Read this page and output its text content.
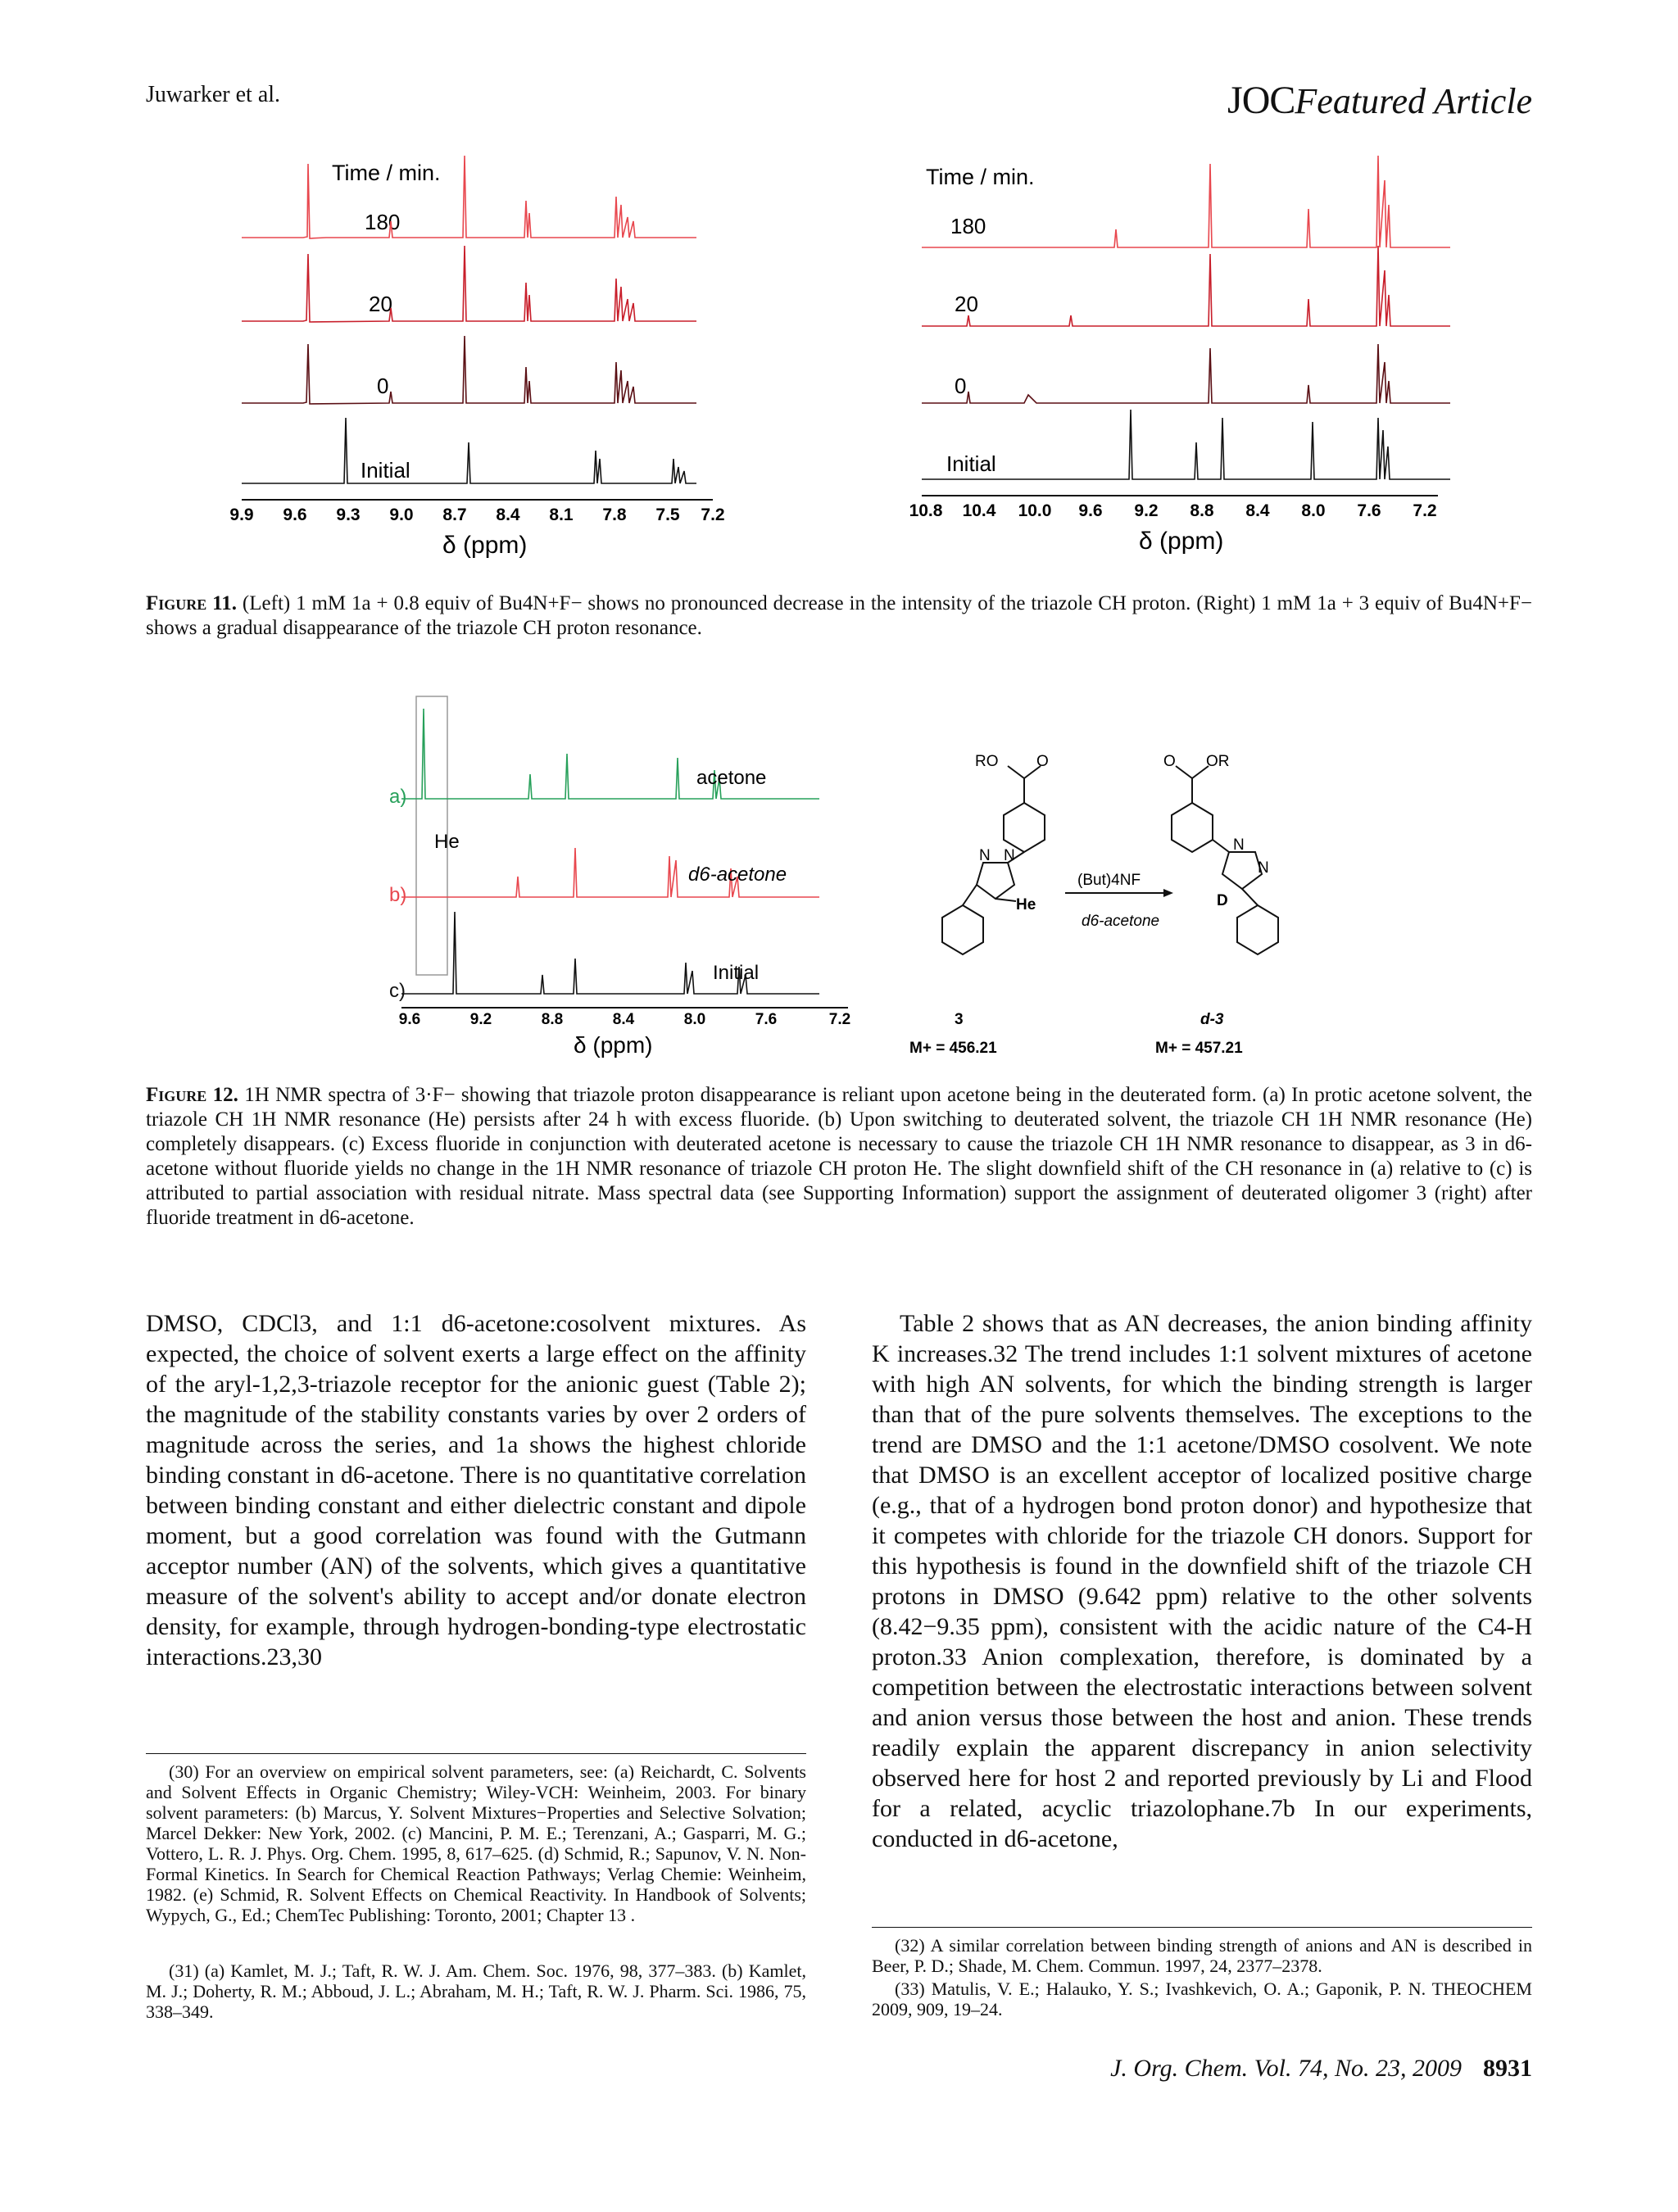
Juwarker et al.	JOCFeatured Article
Time / min.
180
20
0
Initial
9.9 9.6 9.3 9.0 8.7 8.4 8.1 7.8 7.5 7.2
δ (ppm)
Time / min.
180
20
0
Initial
10.8 10.4 10.0 9.6 9.2 8.8 8.4 8.0 7.6 7.2
δ (ppm)
Figure 11. (Left) 1 mM 1a + 0.8 equiv of Bu4N+F− shows no pronounced decrease in the intensity of the triazole CH proton. (Right) 1 mM 1a + 3 equiv of Bu4N+F− shows a gradual disappearance of the triazole CH proton resonance.
a)
b)
c)
He
acetone
d6-acetone
Initial
9.6	9.2	8.8	8.4	8.0	7.6	7.2
δ (ppm)
RO O	O OR
N N
N
N
He	D
(But)4NF
d6-acetone
3
M+ = 456.21
d-3
M+ = 457.21
Figure 12. 1H NMR spectra of 3·F− showing that triazole proton disappearance is reliant upon acetone being in the deuterated form. (a) In protic acetone solvent, the triazole CH 1H NMR resonance (He) persists after 24 h with excess fluoride. (b) Upon switching to deuterated solvent, the triazole CH 1H NMR resonance (He) completely disappears. (c) Excess fluoride in conjunction with deuterated acetone is necessary to cause the triazole CH 1H NMR resonance to disappear, as 3 in d6-acetone without fluoride yields no change in the 1H NMR resonance of triazole CH proton He. The slight downfield shift of the CH resonance in (a) relative to (c) is attributed to partial association with residual nitrate. Mass spectral data (see Supporting Information) support the assignment of deuterated oligomer 3 (right) after fluoride treatment in d6-acetone.
DMSO, CDCl3, and 1:1 d6-acetone:cosolvent mixtures. As expected, the choice of solvent exerts a large effect on the affinity of the aryl-1,2,3-triazole receptor for the anionic guest (Table 2); the magnitude of the stability constants varies by over 2 orders of magnitude across the series, and 1a shows the highest chloride binding constant in d6-acetone. There is no quantitative correlation between binding constant and either dielectric constant and dipole moment, but a good correlation was found with the Gutmann acceptor number (AN) of the solvents, which gives a quantitative measure of the solvent's ability to accept and/or donate electron density, for example, through hydrogen-bonding-type electrostatic interactions.23,30
Table 2 shows that as AN decreases, the anion binding affinity K increases.32 The trend includes 1:1 solvent mixtures of acetone with high AN solvents, for which the binding strength is larger than that of the pure solvents themselves. The exceptions to the trend are DMSO and the 1:1 acetone/DMSO cosolvent. We note that DMSO is an excellent acceptor of localized positive charge (e.g., that of a hydrogen bond proton donor) and hypothesize that it competes with chloride for the triazole CH donors. Support for this hypothesis is found in the downfield shift of the triazole CH protons in DMSO (9.642 ppm) relative to the other solvents (8.42−9.35 ppm), consistent with the acidic nature of the C4-H proton.33 Anion complexation, therefore, is dominated by a competition between the electrostatic interactions between solvent and anion versus those between the host and anion. These trends readily explain the apparent discrepancy in anion selectivity observed here for host 2 and reported previously by Li and Flood for a related, acyclic triazolophane.7b In our experiments, conducted in d6-acetone,
(30) For an overview on empirical solvent parameters, see: (a) Reichardt, C. Solvents and Solvent Effects in Organic Chemistry; Wiley-VCH: Weinheim, 2003. For binary solvent parameters: (b) Marcus, Y. Solvent Mixtures−Properties and Selective Solvation; Marcel Dekker: New York, 2002. (c) Mancini, P. M. E.; Terenzani, A.; Gasparri, M. G.; Vottero, L. R. J. Phys. Org. Chem. 1995, 8, 617–625. (d) Schmid, R.; Sapunov, V. N. Non-Formal Kinetics. In Search for Chemical Reaction Pathways; Verlag Chemie: Weinheim, 1982. (e) Schmid, R. Solvent Effects on Chemical Reactivity. In Handbook of Solvents; Wypych, G., Ed.; ChemTec Publishing: Toronto, 2001; Chapter 13 .
(31) (a) Kamlet, M. J.; Taft, R. W. J. Am. Chem. Soc. 1976, 98, 377–383. (b) Kamlet, M. J.; Doherty, R. M.; Abboud, J. L.; Abraham, M. H.; Taft, R. W. J. Pharm. Sci. 1986, 75, 338–349.
(32) A similar correlation between binding strength of anions and AN is described in Beer, P. D.; Shade, M. Chem. Commun. 1997, 24, 2377–2378.
(33) Matulis, V. E.; Halauko, Y. S.; Ivashkevich, O. A.; Gaponik, P. N. THEOCHEM 2009, 909, 19–24.
J. Org. Chem. Vol. 74, No. 23, 2009 8931
